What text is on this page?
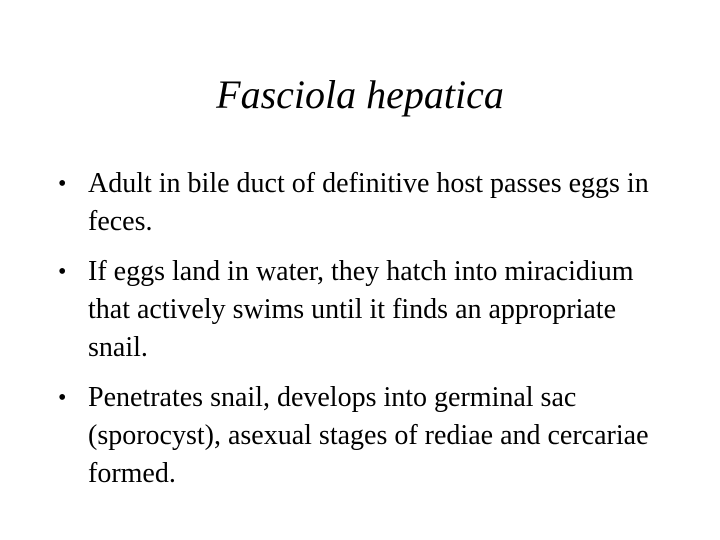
Fasciola hepatica
• Adult in bile duct of definitive host passes eggs in feces.
• If eggs land in water, they hatch into miracidium that actively swims until it finds an appropriate snail.
• Penetrates snail, develops into germinal sac (sporocyst), asexual stages of rediae and cercariae formed.
